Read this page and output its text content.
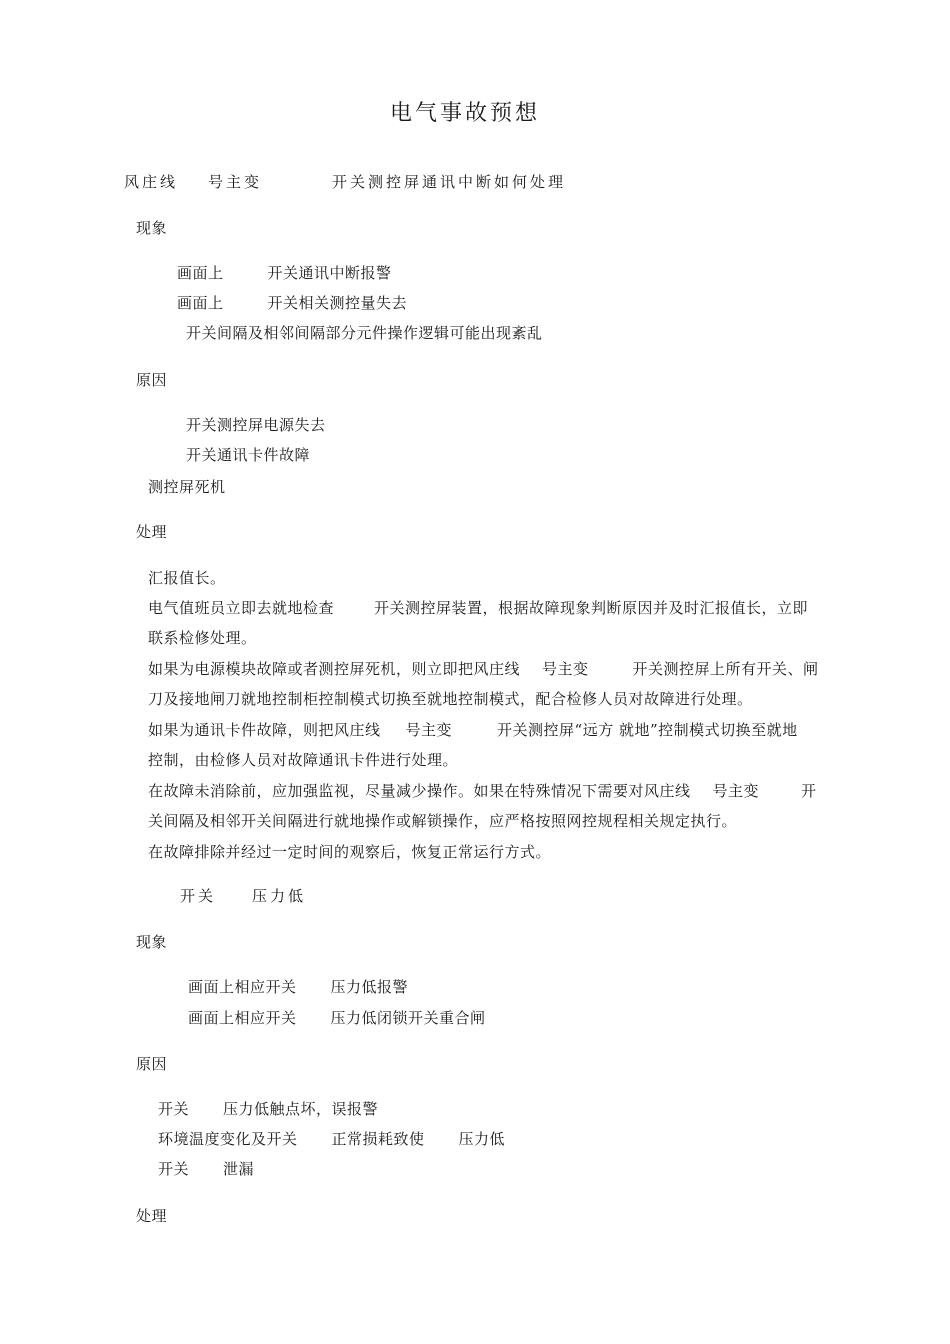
电气事故预想
风庄线 号主变	开关测控屏通讯中断如何处理
现象
画面上	开关通讯中断报警
画面上	开关相关测控量失去
开关间隔及相邻间隔部分元件操作逻辑可能出现紊乱
原因
开关测控屏电源失去
开关通讯卡件故障
测控屏死机
处理
汇报值长。
电气值班员立即去就地检查	开关测控屏装置，根据故障现象判断原因并及时汇报值长，立即
联系检修处理。
如果为电源模块故障或者测控屏死机，则立即把风庄线 号主变	开关测控屏上所有开关、闸
刀及接地闸刀就地控制柜控制模式切换至就地控制模式，配合检修人员对故障进行处理。
如果为通讯卡件故障，则把风庄线 号主变	开关测控屏“远方 就地”控制模式切换至就地
控制，由检修人员对故障通讯卡件进行处理。
在故障未消除前，应加强监视，尽量减少操作。如果在特殊情况下需要对风庄线 号主变	开
关间隔及相邻开关间隔进行就地操作或解锁操作，应严格按照网控规程相关规定执行。
在故障排除并经过一定时间的观察后，恢复正常运行方式。
开关 压力低
现象
画面上相应开关 压力低报警
画面上相应开关 压力低闭锁开关重合闸
原因
开关 压力低触点坏，误报警
环境温度变化及开关 正常损耗致使 压力低
开关 泄漏
处理
